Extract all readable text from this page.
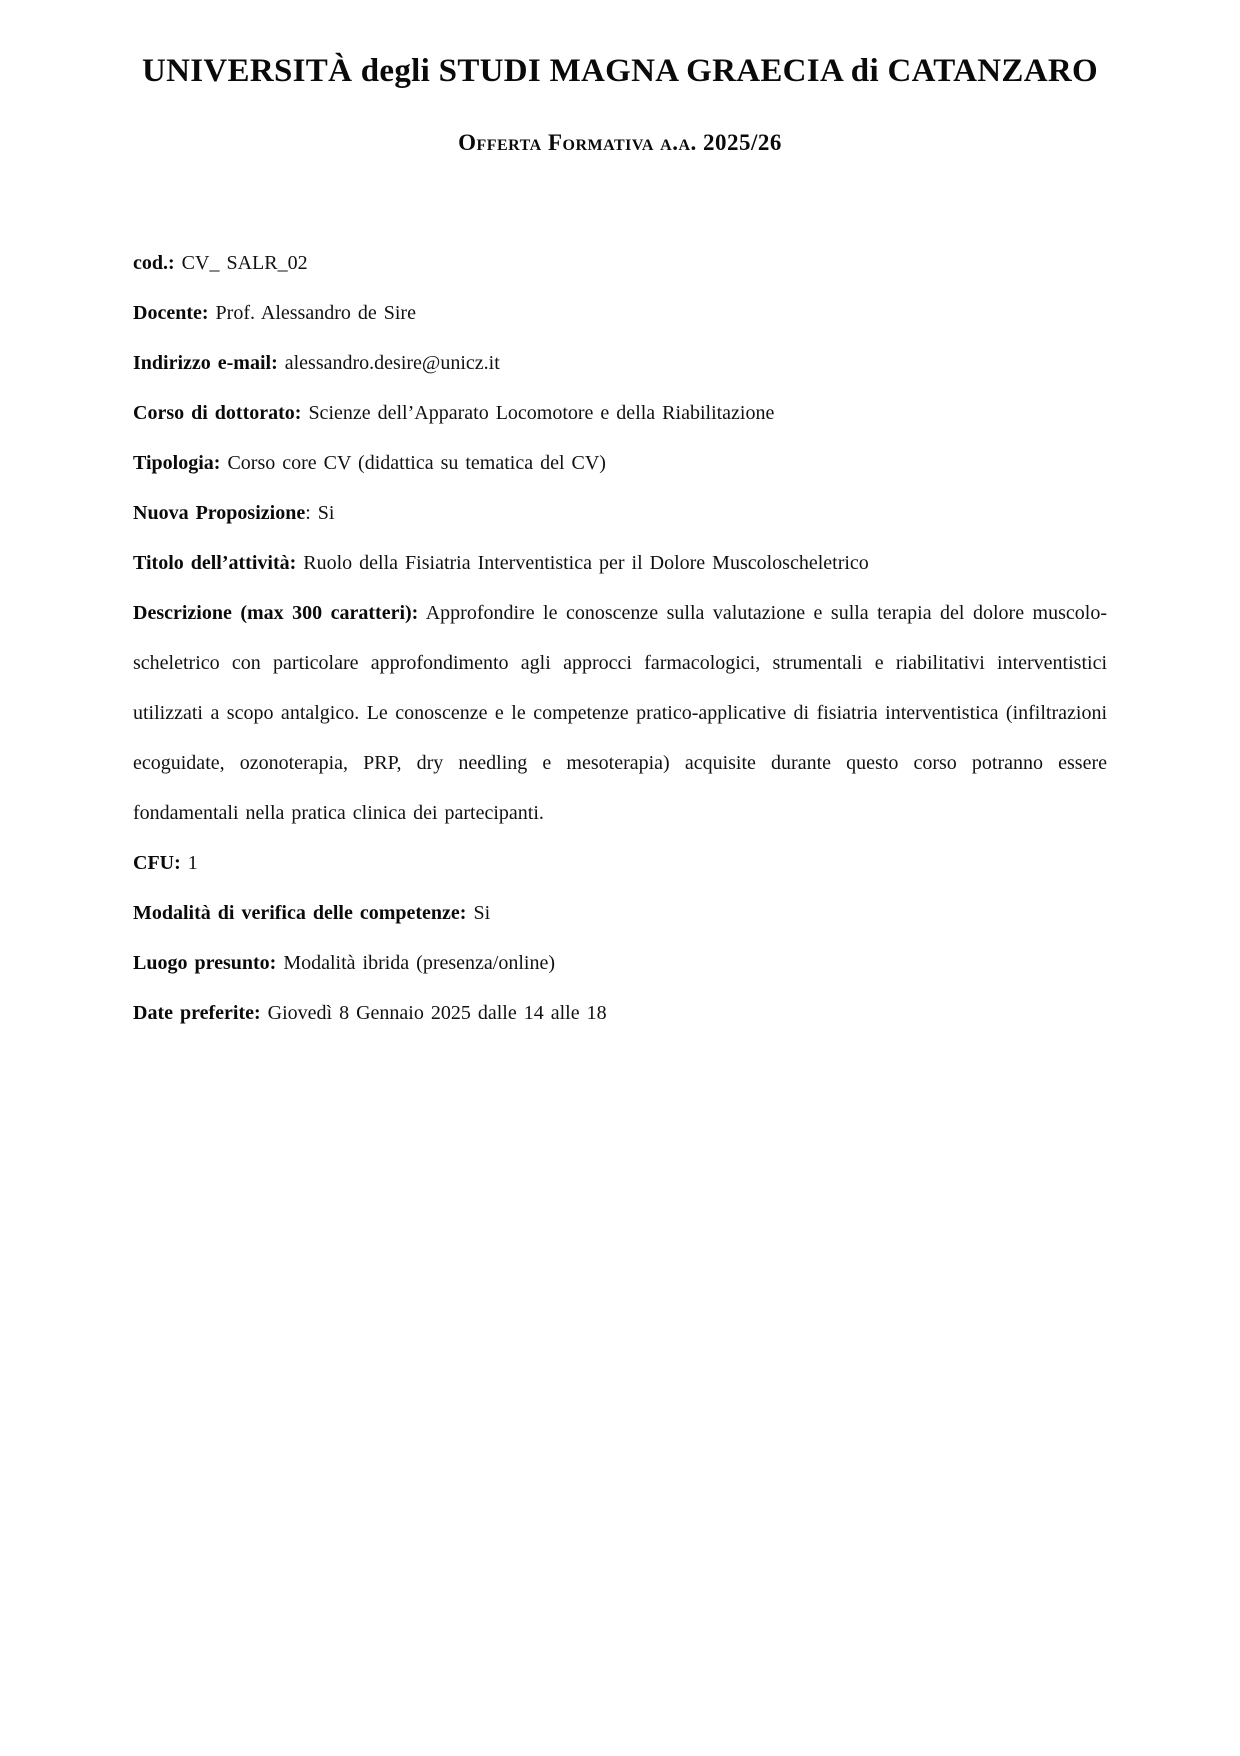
UNIVERSITÀ degli STUDI MAGNA GRAECIA di CATANZARO
Offerta Formativa a.a. 2025/26

cod.: CV_ SALR_02

Docente: Prof. Alessandro de Sire

Indirizzo e-mail: alessandro.desire@unicz.it

Corso di dottorato: Scienze dell’Apparato Locomotore e della Riabilitazione

Tipologia: Corso core CV (didattica su tematica del CV)

Nuova Proposizione: Si

Titolo dell’attività: Ruolo della Fisiatria Interventistica per il Dolore Muscoloscheletrico

Descrizione (max 300 caratteri): Approfondire le conoscenze sulla valutazione e sulla terapia del dolore muscolo-scheletrico con particolare approfondimento agli approcci farmacologici, strumentali e riabilitativi interventistici utilizzati a scopo antalgico. Le conoscenze e le competenze pratico-applicative di fisiatria interventistica (infiltrazioni ecoguidate, ozonoterapia, PRP, dry needling e mesoterapia) acquisite durante questo corso potranno essere fondamentali nella pratica clinica dei partecipanti.

CFU: 1

Modalità di verifica delle competenze: Si

Luogo presunto: Modalità ibrida (presenza/online)

Date preferite: Giovedì 8 Gennaio 2025 dalle 14 alle 18
